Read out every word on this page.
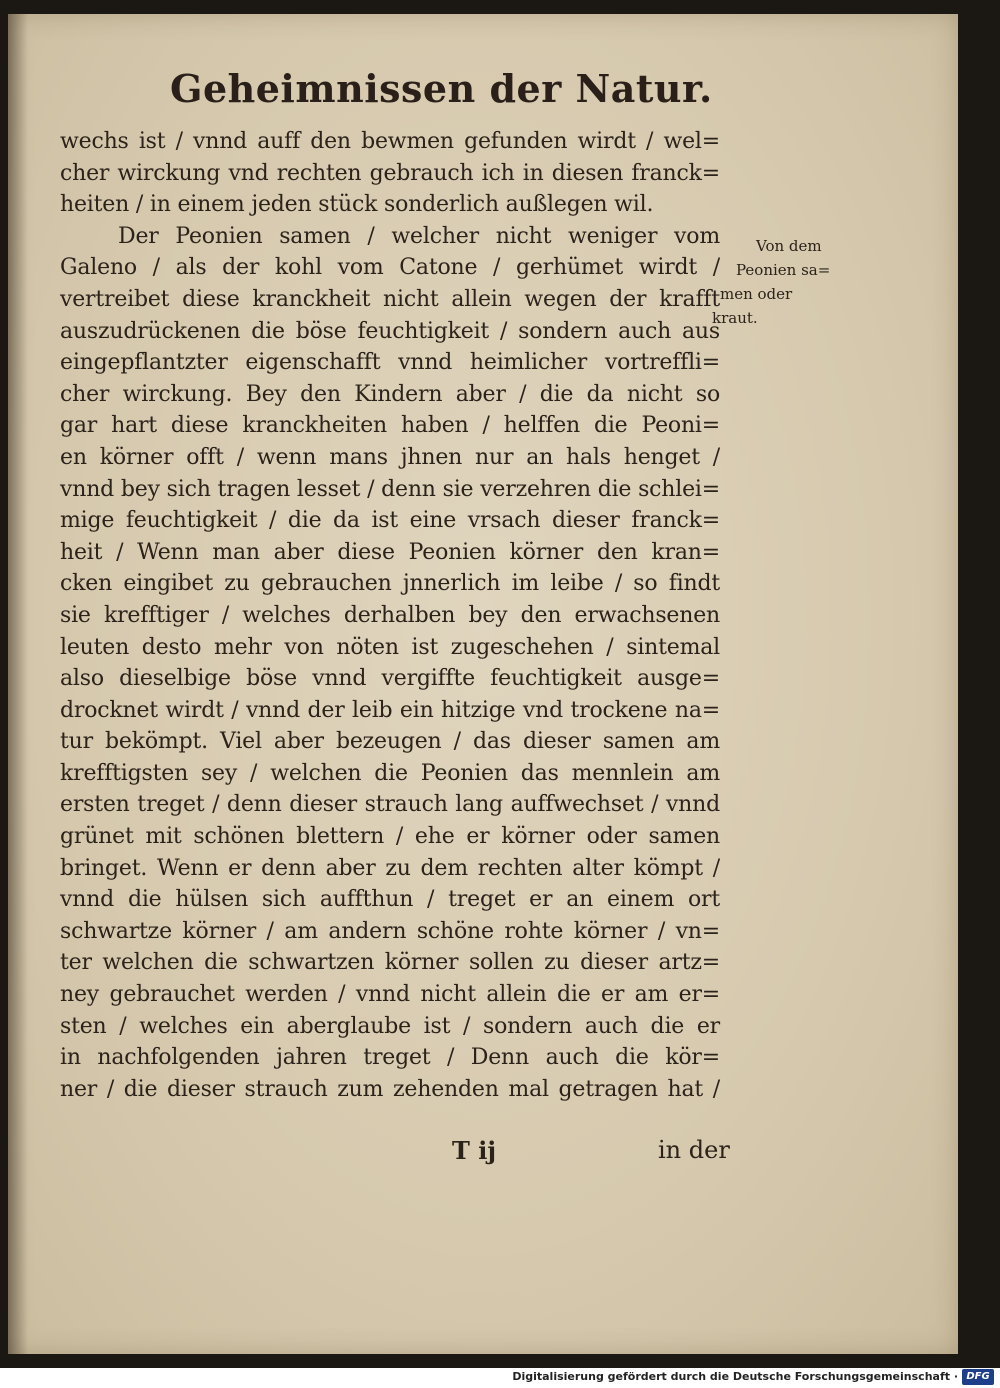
Geheimnissen der Natur.
wechs ist / vnnd auff den bewmen gefunden wirdt / wel=
cher wirckung vnd rechten gebrauch ich in diesen franck=
heiten / in einem jeden stück sonderlich außlegen wil.
Der Peonien samen / welcher nicht weniger vom
Galeno / als der kohl vom Catone / gerhümet wirdt /
vertreibet diese kranckheit nicht allein wegen der krafft
auszudrückenen die böse feuchtigkeit / sondern auch aus
eingepflantzter eigenschafft vnnd heimlicher vortreffli=
cher wirckung. Bey den Kindern aber / die da nicht so
gar hart diese kranckheiten haben / helffen die Peoni=
en körner offt / wenn mans jhnen nur an hals henget /
vnnd bey sich tragen lesset / denn sie verzehren die schlei=
mige feuchtigkeit / die da ist eine vrsach dieser franck=
heit / Wenn man aber diese Peonien körner den kran=
cken eingibet zu gebrauchen jnnerlich im leibe / so findt
sie krefftiger / welches derhalben bey den erwachsenen
leuten desto mehr von nöten ist zugeschehen / sintemal
also dieselbige böse vnnd vergiffte feuchtigkeit ausge=
drocknet wirdt / vnnd der leib ein hitzige vnd trockene na=
tur bekömpt. Viel aber bezeugen / das dieser samen am
krefftigsten sey / welchen die Peonien das mennlein am
ersten treget / denn dieser strauch lang auffwechset / vnnd
grünet mit schönen blettern / ehe er körner oder samen
bringet. Wenn er denn aber zu dem rechten alter kömpt /
vnnd die hülsen sich auffthun / treget er an einem ort
schwartze körner / am andern schöne rohte körner / vn=
ter welchen die schwartzen körner sollen zu dieser artz=
ney gebrauchet werden / vnnd nicht allein die er am er=
sten / welches ein aberglaube ist / sondern auch die er
in nachfolgenden jahren treget / Denn auch die kör=
ner / die dieser strauch zum zehenden mal getragen hat /
Von dem
Peonien sa=
men oder
kraut.
T ij	in der
Digitalisierung gefördert durch die Deutsche Forschungsgemeinschaft · DFG
